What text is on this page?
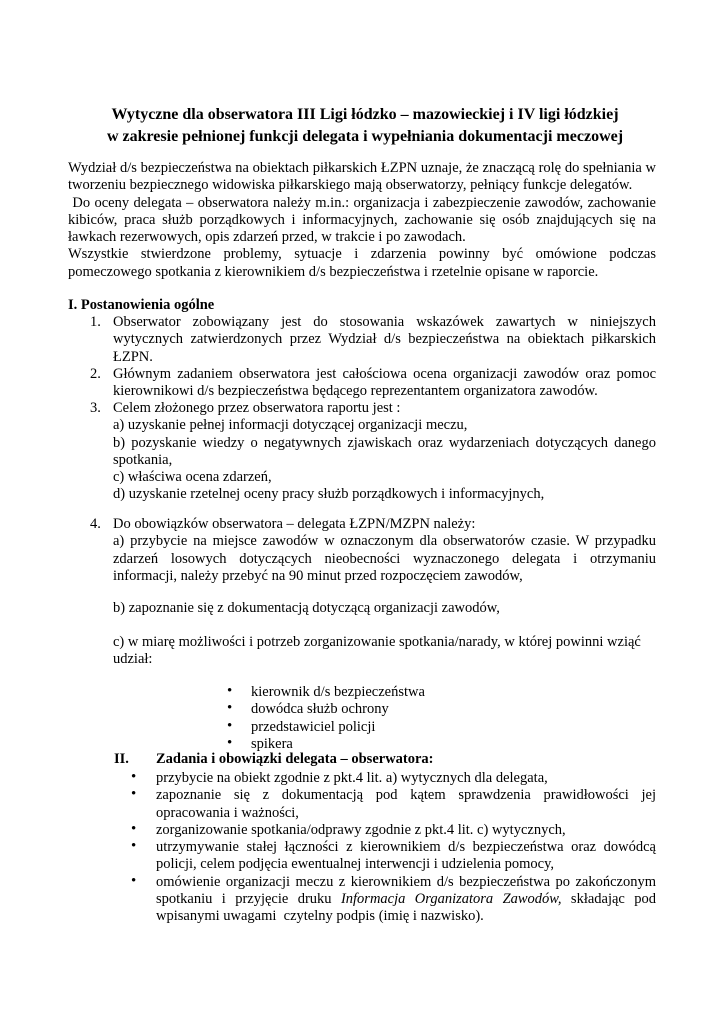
Wytyczne dla obserwatora III Ligi łódzko – mazowieckiej i IV ligi łódzkiej
w zakresie pełnionej funkcji delegata i wypełniania dokumentacji meczowej

Wydział d/s bezpieczeństwa na obiektach piłkarskich ŁZPN uznaje, że znaczącą rolę do spełniania w tworzeniu bezpiecznego widowiska piłkarskiego mają obserwatorzy, pełniący funkcje delegatów.

Do oceny delegata – obserwatora należy m.in.: organizacja i zabezpieczenie zawodów, zachowanie kibiców, praca służb porządkowych i informacyjnych, zachowanie się osób znajdujących się na ławkach rezerwowych, opis zdarzeń przed, w trakcie i po zawodach.

Wszystkie stwierdzone problemy, sytuacje i zdarzenia powinny być omówione podczas pomeczowego spotkania z kierownikiem d/s bezpieczeństwa i rzetelnie opisane w raporcie.

I. Postanowienia ogólne
1. Obserwator zobowiązany jest do stosowania wskazówek zawartych w niniejszych wytycznych zatwierdzonych przez Wydział d/s bezpieczeństwa na obiektach piłkarskich ŁZPN.
2. Głównym zadaniem obserwatora jest całościowa ocena organizacji zawodów oraz pomoc kierownikowi d/s bezpieczeństwa będącego reprezentantem organizatora zawodów.
3. Celem złożonego przez obserwatora raportu jest :
a) uzyskanie pełnej informacji dotyczącej organizacji meczu,
b) pozyskanie wiedzy o negatywnych zjawiskach oraz wydarzeniach dotyczących danego spotkania,
c) właściwa ocena zdarzeń,
d) uzyskanie rzetelnej oceny pracy służb porządkowych i informacyjnych,
4. Do obowiązków obserwatora – delegata ŁZPN/MZPN należy:
a) przybycie na miejsce zawodów w oznaczonym dla obserwatorów czasie. W przypadku zdarzeń losowych dotyczących nieobecności wyznaczonego delegata i otrzymaniu informacji, należy przebyć na 90 minut przed rozpoczęciem zawodów,
b) zapoznanie się z dokumentacją dotyczącą organizacji zawodów,
c) w miarę możliwości i potrzeb zorganizowanie spotkania/narady, w której powinni wziąć udział:
• kierownik d/s bezpieczeństwa
• dowódca służb ochrony
• przedstawiciel policji
• spikera
II. Zadania i obowiązki delegata – obserwatora:
• przybycie na obiekt zgodnie z pkt.4 lit. a) wytycznych dla delegata,
• zapoznanie się z dokumentacją pod kątem sprawdzenia prawidłowości jej opracowania i ważności,
• zorganizowanie spotkania/odprawy zgodnie z pkt.4 lit. c) wytycznych,
• utrzymywanie stałej łączności z kierownikiem d/s bezpieczeństwa oraz dowódcą policji, celem podjęcia ewentualnej interwencji i udzielenia pomocy,
• omówienie organizacji meczu z kierownikiem d/s bezpieczeństwa po zakończonym spotkaniu i przyjęcie druku Informacja Organizatora Zawodów, składając pod wpisanymi uwagami  czytelny podpis (imię i nazwisko).
